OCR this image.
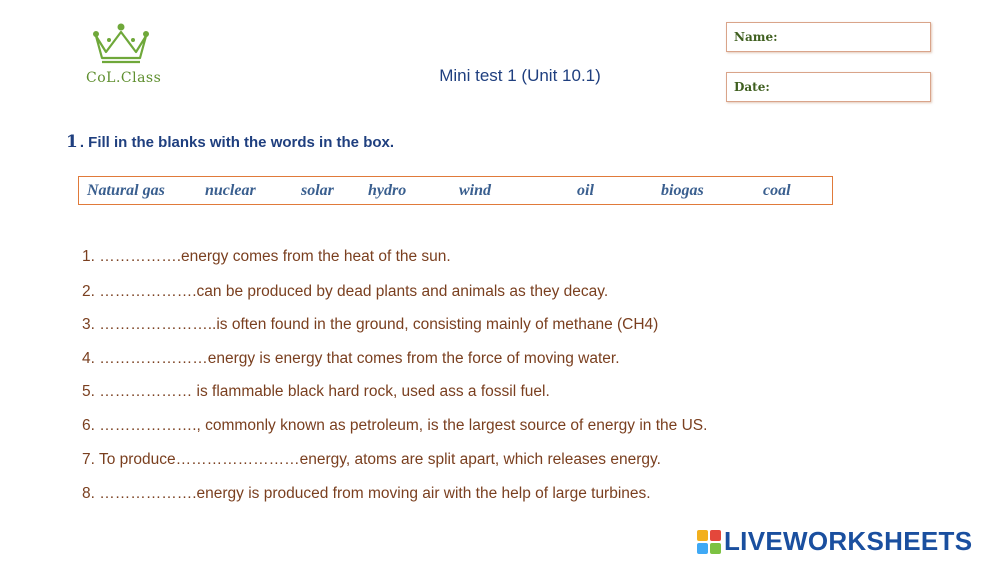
CoL.Class	Mini test 1 (Unit 10.1)
Name:
Date:
1 . Fill in the blanks with the words in the box.
Natural gas	nuclear	solar hydro	wind	oil	biogas	coal
1. …………….energy comes from the heat of the sun.
2. ……………….can be produced by dead plants and animals as they decay.
3. …………………..is often found in the ground, consisting mainly of methane (CH4)
4. …………………energy is energy that comes from the force of moving water.
5. ……………… is flammable black hard rock, used ass a fossil fuel.
6. ………………., commonly known as petroleum, is the largest source of energy in the US.
7. To produce……………………energy, atoms are split apart, which releases energy.
8. ……………….energy is produced from moving air with the help of large turbines.
LIVEWORKSHEETS
